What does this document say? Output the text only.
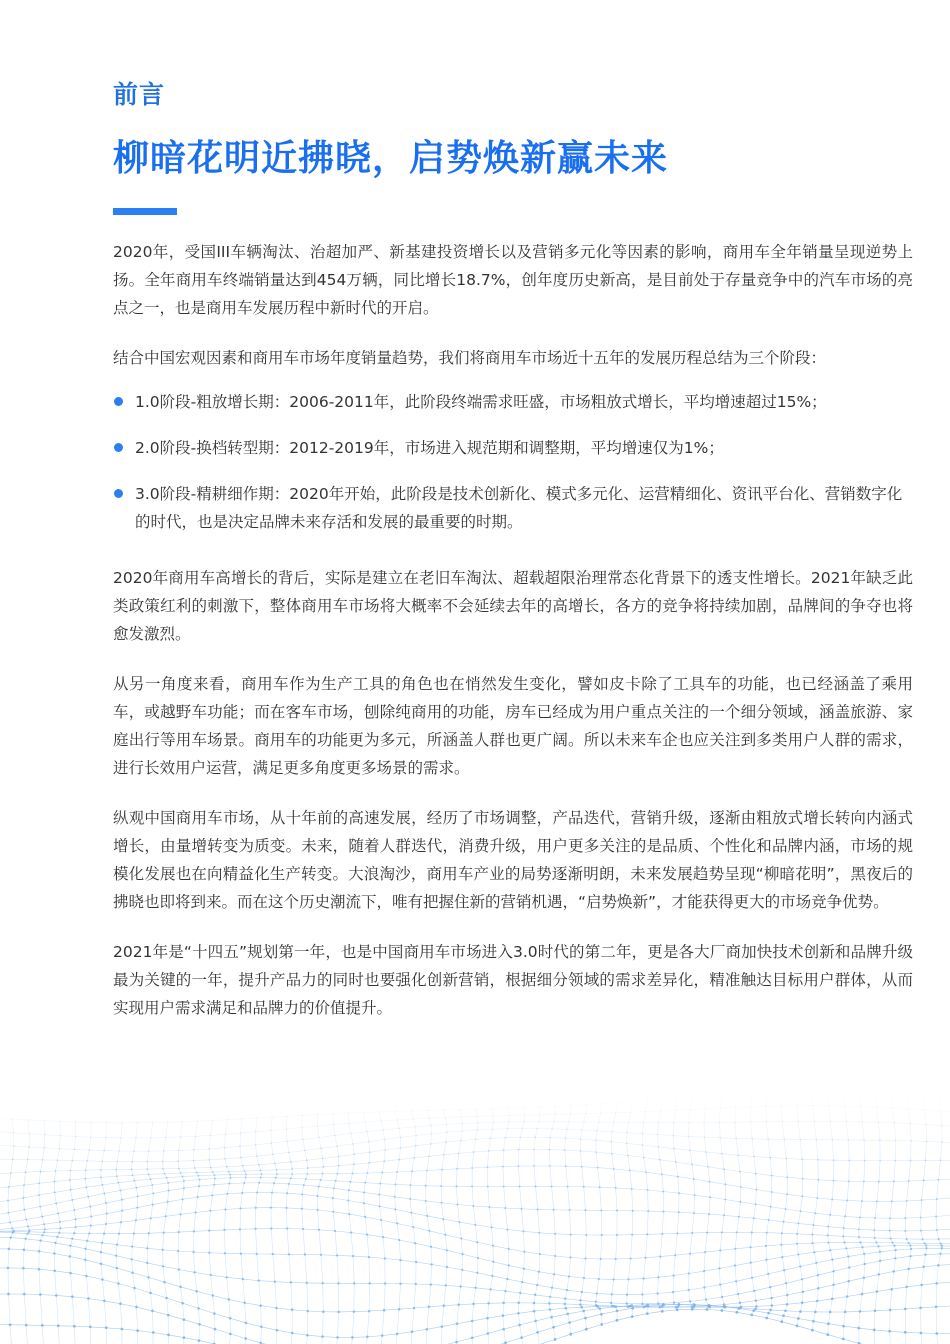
前言
柳暗花明近拂晓，启势焕新赢未来

2020年，受国III车辆淘汰、治超加严、新基建投资增长以及营销多元化等因素的影响，商用车全年销量呈现逆势上扬。全年商用车终端销量达到454万辆，同比增长18.7%，创年度历史新高，是目前处于存量竞争中的汽车市场的亮点之一，也是商用车发展历程中新时代的开启。

结合中国宏观因素和商用车市场年度销量趋势，我们将商用车市场近十五年的发展历程总结为三个阶段：

1.0阶段-粗放增长期：2006-2011年，此阶段终端需求旺盛，市场粗放式增长，平均增速超过15%；
2.0阶段-换档转型期：2012-2019年，市场进入规范期和调整期，平均增速仅为1%；
3.0阶段-精耕细作期：2020年开始，此阶段是技术创新化、模式多元化、运营精细化、资讯平台化、营销数字化的时代，也是决定品牌未来存活和发展的最重要的时期。

2020年商用车高增长的背后，实际是建立在老旧车淘汰、超载超限治理常态化背景下的透支性增长。2021年缺乏此类政策红利的刺激下，整体商用车市场将大概率不会延续去年的高增长，各方的竞争将持续加剧，品牌间的争夺也将愈发激烈。

从另一角度来看，商用车作为生产工具的角色也在悄然发生变化，譬如皮卡除了工具车的功能，也已经涵盖了乘用车，或越野车功能；而在客车市场，刨除纯商用的功能，房车已经成为用户重点关注的一个细分领域，涵盖旅游、家庭出行等用车场景。商用车的功能更为多元，所涵盖人群也更广阔。所以未来车企也应关注到多类用户人群的需求，进行长效用户运营，满足更多角度更多场景的需求。

纵观中国商用车市场，从十年前的高速发展，经历了市场调整，产品迭代，营销升级，逐渐由粗放式增长转向内涵式增长，由量增转变为质变。未来，随着人群迭代，消费升级，用户更多关注的是品质、个性化和品牌内涵，市场的规模化发展也在向精益化生产转变。大浪淘沙，商用车产业的局势逐渐明朗，未来发展趋势呈现“柳暗花明”，黑夜后的拂晓也即将到来。而在这个历史潮流下，唯有把握住新的营销机遇，“启势焕新”，才能获得更大的市场竞争优势。

2021年是“十四五”规划第一年，也是中国商用车市场进入3.0时代的第二年，更是各大厂商加快技术创新和品牌升级最为关键的一年，提升产品力的同时也要强化创新营销，根据细分领域的需求差异化，精准触达目标用户群体，从而实现用户需求满足和品牌力的价值提升。
